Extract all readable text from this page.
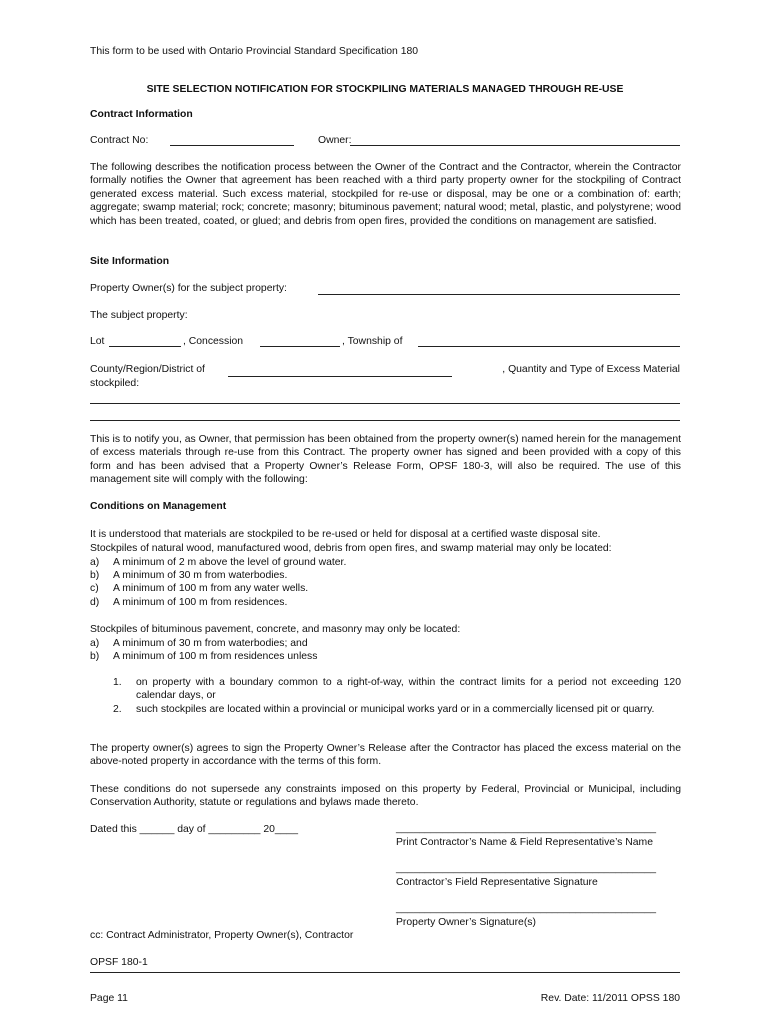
This form to be used with Ontario Provincial Standard Specification 180
SITE SELECTION NOTIFICATION FOR STOCKPILING MATERIALS MANAGED THROUGH RE-USE
Contract Information
Contract No:	Owner:
The following describes the notification process between the Owner of the Contract and the Contractor, wherein the Contractor formally notifies the Owner that agreement has been reached with a third party property owner for the stockpiling of Contract generated excess material. Such excess material, stockpiled for re-use or disposal, may be one or a combination of: earth; aggregate; swamp material; rock; concrete; masonry; bituminous pavement; natural wood; metal, plastic, and polystyrene; wood which has been treated, coated, or glued; and debris from open fires, provided the conditions on management are satisfied.
Site Information
Property Owner(s) for the subject property:
The subject property:
Lot	, Concession	, Township of
County/Region/District of	, Quantity and Type of Excess Material
stockpiled:
This is to notify you, as Owner, that permission has been obtained from the property owner(s) named herein for the management of excess materials through re-use from this Contract. The property owner has signed and been provided with a copy of this form and has been advised that a Property Owner’s Release Form, OPSF 180-3, will also be required. The use of this management site will comply with the following:
Conditions on Management
It is understood that materials are stockpiled to be re-used or held for disposal at a certified waste disposal site.
Stockpiles of natural wood, manufactured wood, debris from open fires, and swamp material may only be located:
a) A minimum of 2 m above the level of ground water.
b) A minimum of 30 m from waterbodies.
c) A minimum of 100 m from any water wells.
d) A minimum of 100 m from residences.
Stockpiles of bituminous pavement, concrete, and masonry may only be located:
a) A minimum of 30 m from waterbodies; and
b) A minimum of 100 m from residences unless
1. on property with a boundary common to a right-of-way, within the contract limits for a period not exceeding 120 calendar days, or
2. such stockpiles are located within a provincial or municipal works yard or in a commercially licensed pit or quarry.
The property owner(s) agrees to sign the Property Owner’s Release after the Contractor has placed the excess material on the above-noted property in accordance with the terms of this form.
These conditions do not supersede any constraints imposed on this property by Federal, Provincial or Municipal, including Conservation Authority, statute or regulations and bylaws made thereto.
Dated this ______ day of _________ 20____	_____________________________________________
Print Contractor’s Name & Field Representative’s Name
_____________________________________________
Contractor’s Field Representative Signature
_____________________________________________
Property Owner’s Signature(s)
cc: Contract Administrator, Property Owner(s), Contractor
OPSF 180-1
Page 11	Rev. Date: 11/2011 OPSS 180
